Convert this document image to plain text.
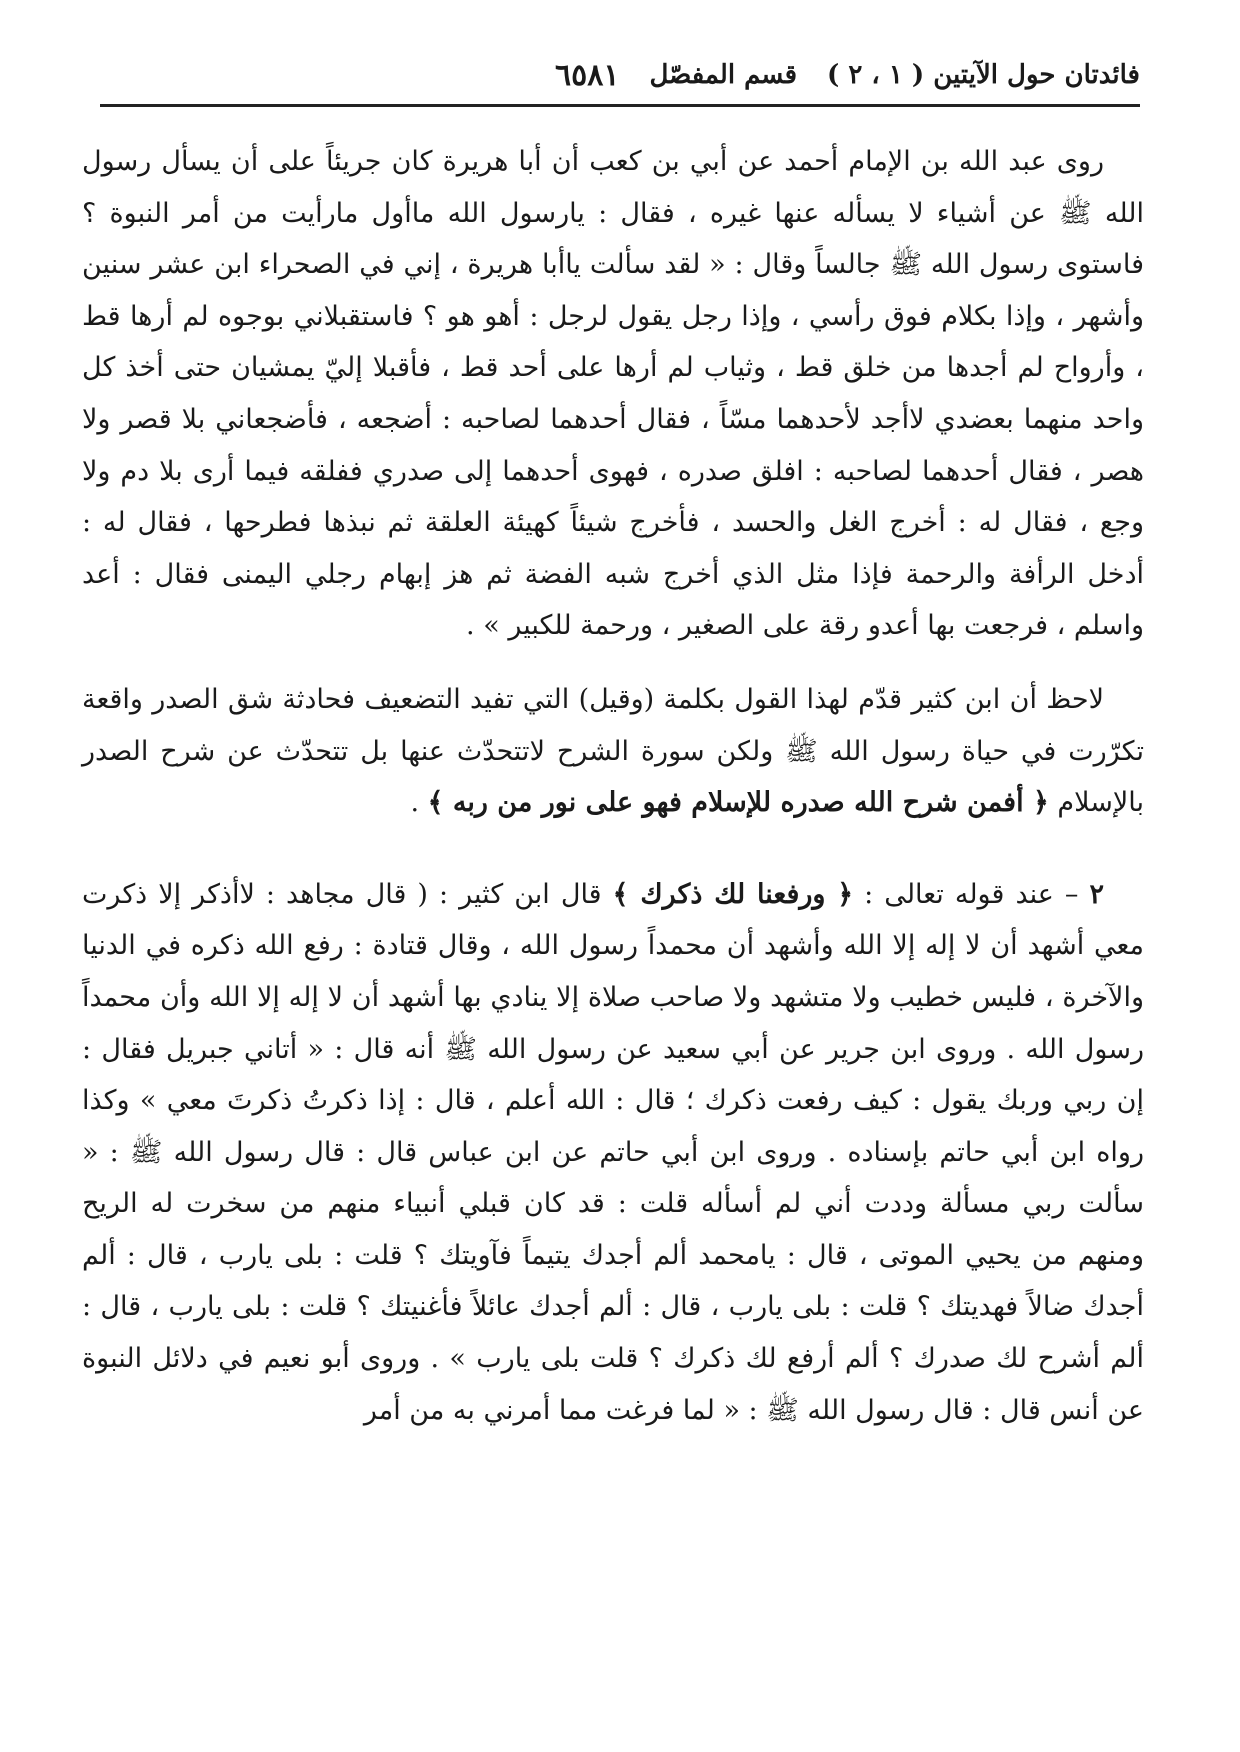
فائدتان حول الآيتين ( ١ ، ٢ )
قسم المفصّل
٦٥٨١

روى عبد الله بن الإمام أحمد عن أبي بن كعب أن أبا هريرة كان جريئاً على أن يسأل رسول الله ﷺ عن أشياء لا يسأله عنها غيره ، فقال : يارسول الله ماأول مارأيت من أمر النبوة ؟ فاستوى رسول الله ﷺ جالساً وقال : « لقد سألت ياأبا هريرة ، إني في الصحراء ابن عشر سنين وأشهر ، وإذا بكلام فوق رأسي ، وإذا رجل يقول لرجل : أهو هو ؟ فاستقبلاني بوجوه لم أرها قط ، وأرواح لم أجدها من خلق قط ، وثياب لم أرها على أحد قط ، فأقبلا إليّ يمشيان حتى أخذ كل واحد منهما بعضدي لاأجد لأحدهما مسّاً ، فقال أحدهما لصاحبه : أضجعه ، فأضجعاني بلا قصر ولا هصر ، فقال أحدهما لصاحبه : افلق صدره ، فهوى أحدهما إلى صدري ففلقه فيما أرى بلا دم ولا وجع ، فقال له : أخرج الغل والحسد ، فأخرج شيئاً كهيئة العلقة ثم نبذها فطرحها ، فقال له : أدخل الرأفة والرحمة فإذا مثل الذي أخرج شبه الفضة ثم هز إبهام رجلي اليمنى فقال : أعد واسلم ، فرجعت بها أعدو رقة على الصغير ، ورحمة للكبير » .

لاحظ أن ابن كثير قدّم لهذا القول بكلمة (وقيل) التي تفيد التضعيف فحادثة شق الصدر واقعة تكرّرت في حياة رسول الله ﷺ ولكن سورة الشرح لاتتحدّث عنها بل تتحدّث عن شرح الصدر بالإسلام ﴿ أفمن شرح الله صدره للإسلام فهو على نور من ربه ﴾ .

٢ – عند قوله تعالى : ﴿ ورفعنا لك ذكرك ﴾ قال ابن كثير : ( قال مجاهد : لاأذكر إلا ذكرت معي أشهد أن لا إله إلا الله وأشهد أن محمداً رسول الله ، وقال قتادة : رفع الله ذكره في الدنيا والآخرة ، فليس خطيب ولا متشهد ولا صاحب صلاة إلا ينادي بها أشهد أن لا إله إلا الله وأن محمداً رسول الله . وروى ابن جرير عن أبي سعيد عن رسول الله ﷺ أنه قال : « أتاني جبريل فقال : إن ربي وربك يقول : كيف رفعت ذكرك ؛ قال : الله أعلم ، قال : إذا ذكرتُ ذكرتَ معي » وكذا رواه ابن أبي حاتم بإسناده . وروى ابن أبي حاتم عن ابن عباس قال : قال رسول الله ﷺ : « سألت ربي مسألة وددت أني لم أسأله قلت : قد كان قبلي أنبياء منهم من سخرت له الريح ومنهم من يحيي الموتى ، قال : يامحمد ألم أجدك يتيماً فآويتك ؟ قلت : بلى يارب ، قال : ألم أجدك ضالاً فهديتك ؟ قلت : بلى يارب ، قال : ألم أجدك عائلاً فأغنيتك ؟ قلت : بلى يارب ، قال : ألم أشرح لك صدرك ؟ ألم أرفع لك ذكرك ؟ قلت بلى يارب » . وروى أبو نعيم في دلائل النبوة عن أنس قال : قال رسول الله ﷺ : « لما فرغت مما أمرني به من أمر
